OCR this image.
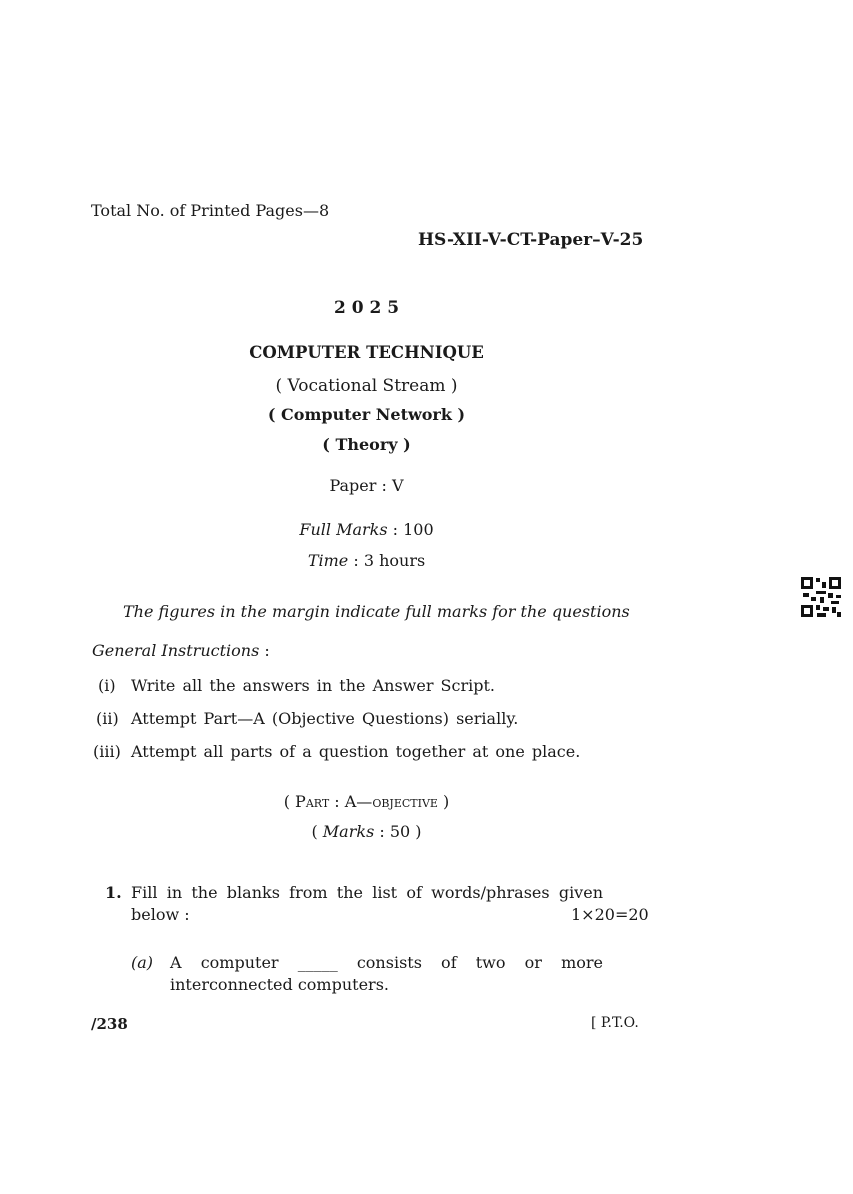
Total No. of Printed Pages—8
HS-XII-V-CT-Paper–V-25
2 0 2 5
COMPUTER TECHNIQUE
( Vocational Stream )
( Computer Network )
( Theory )
Paper : V
Full Marks : 100
Time : 3 hours
The figures in the margin indicate full marks for the questions
General Instructions :
(i) Write all the answers in the Answer Script.
(ii) Attempt Part—A (Objective Questions) serially.
(iii) Attempt all parts of a question together at one place.
( Part : A—objective )
( Marks : 50 )
1. Fill in the blanks from the list of words/phrases given
below :	1×20=20
(a) A computer _____ consists of two or more
interconnected computers.
/238	[ P.T.O.
